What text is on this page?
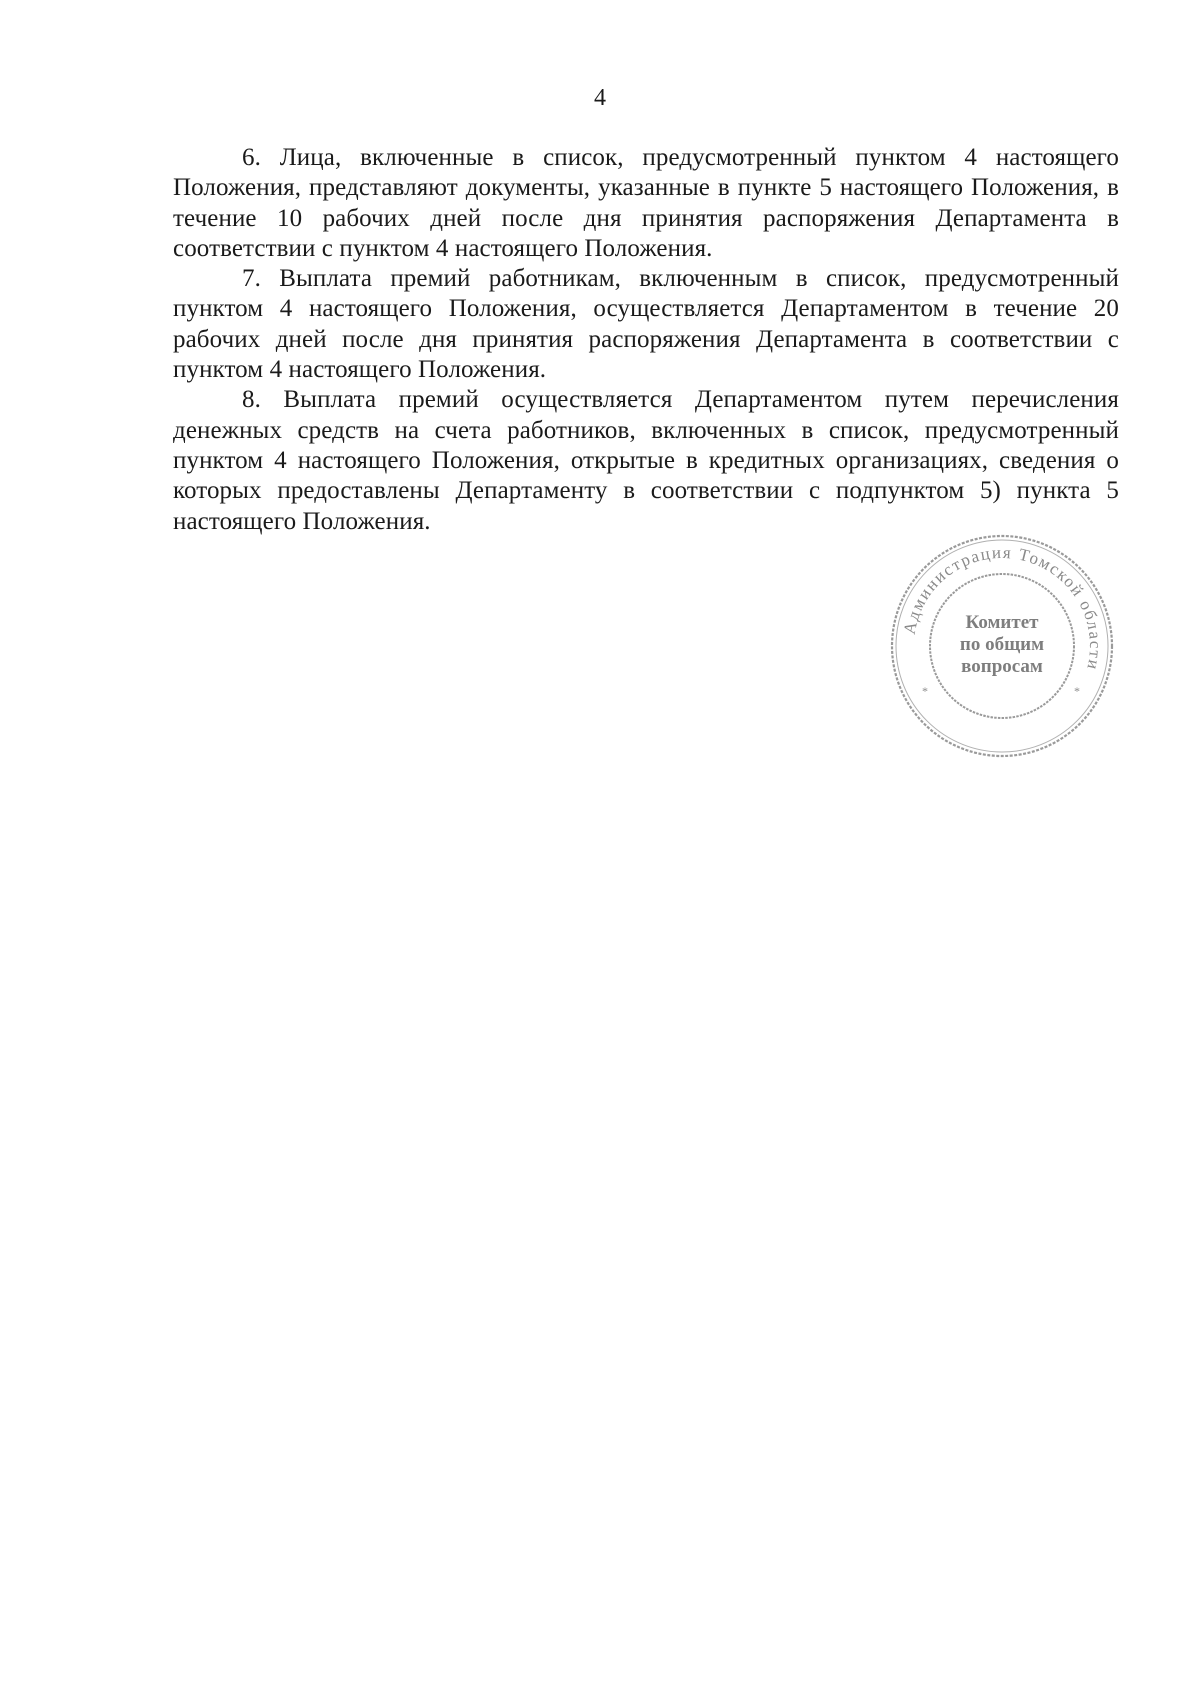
4

6. Лица, включенные в список, предусмотренный пунктом 4 настоящего Положения, представляют документы, указанные в пункте 5 настоящего Положения, в течение 10 рабочих дней после дня принятия распоряжения Департамента в соответствии с пунктом 4 настоящего Положения.

7. Выплата премий работникам, включенным в список, предусмотренный пунктом 4 настоящего Положения, осуществляется Департаментом в течение 20 рабочих дней после дня принятия распоряжения Департамента в соответствии с пунктом 4 настоящего Положения.

8. Выплата премий осуществляется Департаментом путем перечисления денежных средств на счета работников, включенных в список, предусмотренный пунктом 4 настоящего Положения, открытые в кредитных организациях, сведения о которых предоставлены Департаменту в соответствии с подпунктом 5) пункта 5 настоящего Положения.

Администрация Томской области
*	*
Комитет
по общим
вопросам
